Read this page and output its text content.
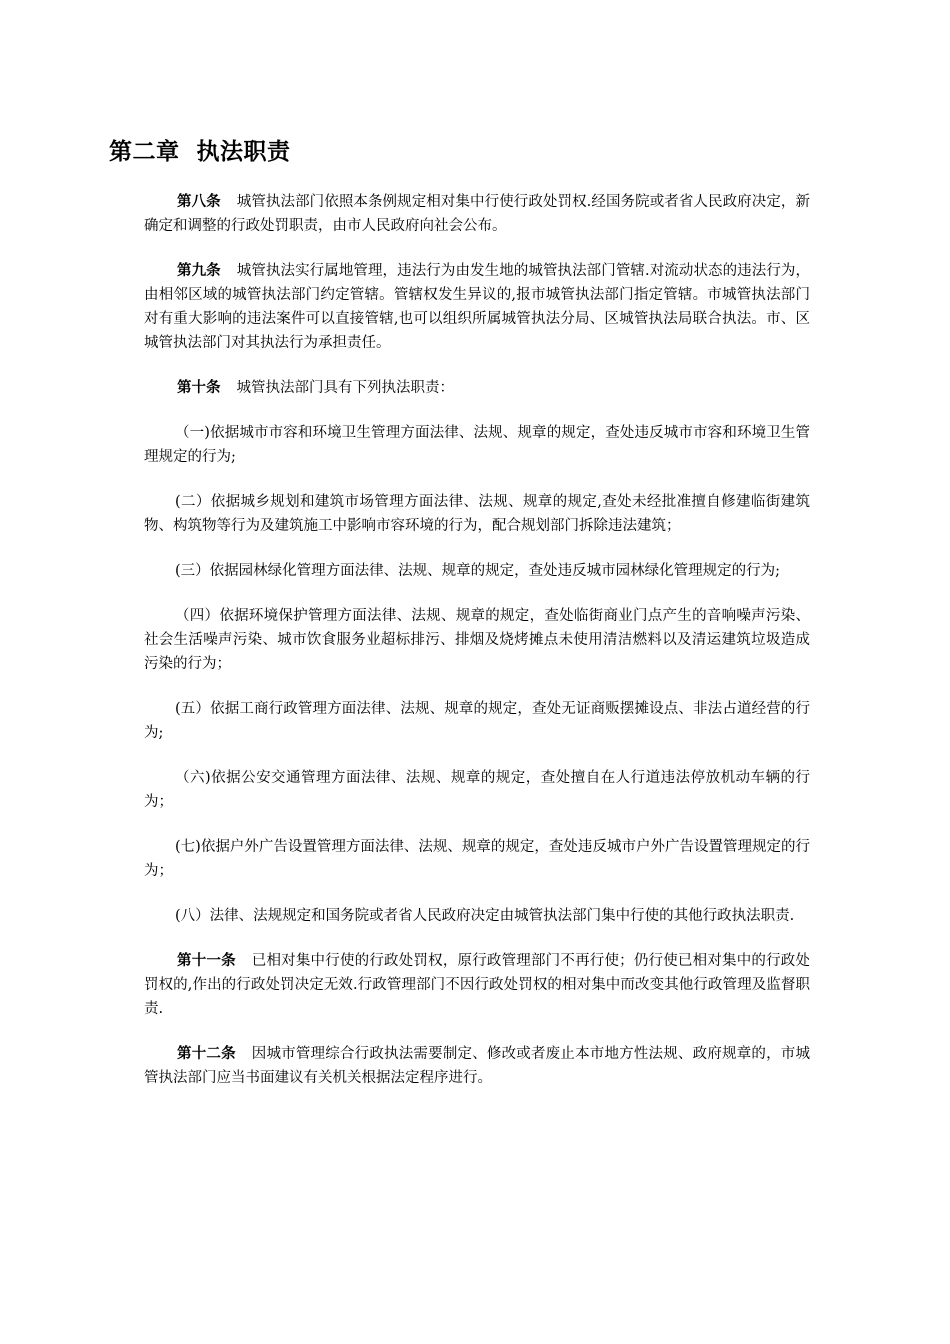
第二章  执法职责

第八条 城管执法部门依照本条例规定相对集中行使行政处罚权.经国务院或者省人民政府决定，新确定和调整的行政处罚职责，由市人民政府向社会公布。

第九条 城管执法实行属地管理，违法行为由发生地的城管执法部门管辖.对流动状态的违法行为，由相邻区域的城管执法部门约定管辖。管辖权发生异议的,报市城管执法部门指定管辖。市城管执法部门对有重大影响的违法案件可以直接管辖,也可以组织所属城管执法分局、区城管执法局联合执法。市、区城管执法部门对其执法行为承担责任。

第十条 城管执法部门具有下列执法职责：

（一)依据城市市容和环境卫生管理方面法律、法规、规章的规定，查处违反城市市容和环境卫生管理规定的行为;

(二）依据城乡规划和建筑市场管理方面法律、法规、规章的规定,查处未经批准擅自修建临街建筑物、构筑物等行为及建筑施工中影响市容环境的行为，配合规划部门拆除违法建筑；

(三）依据园林绿化管理方面法律、法规、规章的规定，查处违反城市园林绿化管理规定的行为;

（四）依据环境保护管理方面法律、法规、规章的规定，查处临街商业门点产生的音响噪声污染、社会生活噪声污染、城市饮食服务业超标排污、排烟及烧烤摊点未使用清洁燃料以及清运建筑垃圾造成污染的行为；

(五）依据工商行政管理方面法律、法规、规章的规定，查处无证商贩摆摊设点、非法占道经营的行为;

（六)依据公安交通管理方面法律、法规、规章的规定，查处擅自在人行道违法停放机动车辆的行为；

(七)依据户外广告设置管理方面法律、法规、规章的规定，查处违反城市户外广告设置管理规定的行为；

(八）法律、法规规定和国务院或者省人民政府决定由城管执法部门集中行使的其他行政执法职责.

第十一条 已相对集中行使的行政处罚权，原行政管理部门不再行使；仍行使已相对集中的行政处罚权的,作出的行政处罚决定无效.行政管理部门不因行政处罚权的相对集中而改变其他行政管理及监督职责.

第十二条 因城市管理综合行政执法需要制定、修改或者废止本市地方性法规、政府规章的，市城管执法部门应当书面建议有关机关根据法定程序进行。
